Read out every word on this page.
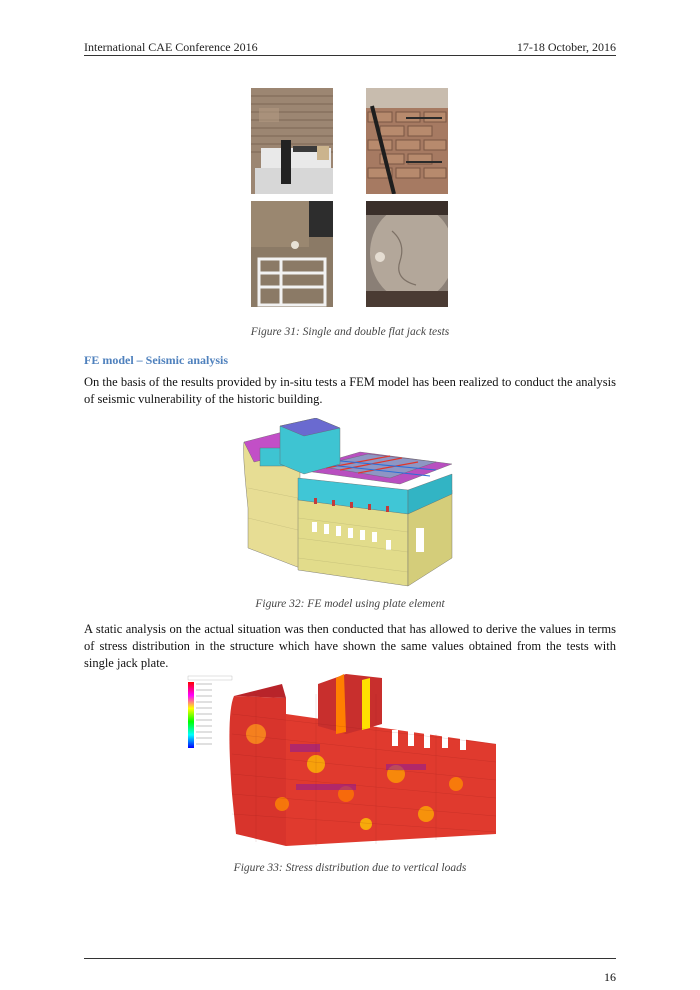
International CAE Conference 2016	17-18 October, 2016
Figure 31: Single and double flat jack tests
FE model – Seismic analysis
On the basis of the results provided by in-situ tests a FEM model has been realized to conduct the analysis of seismic vulnerability of the historic building.
Figure 32: FE model using plate element
A static analysis on the actual situation was then conducted that has allowed to derive the values in terms of stress distribution in the structure which have shown the same values obtained from the tests with single jack plate.
Figure 33: Stress distribution due to vertical loads
16
